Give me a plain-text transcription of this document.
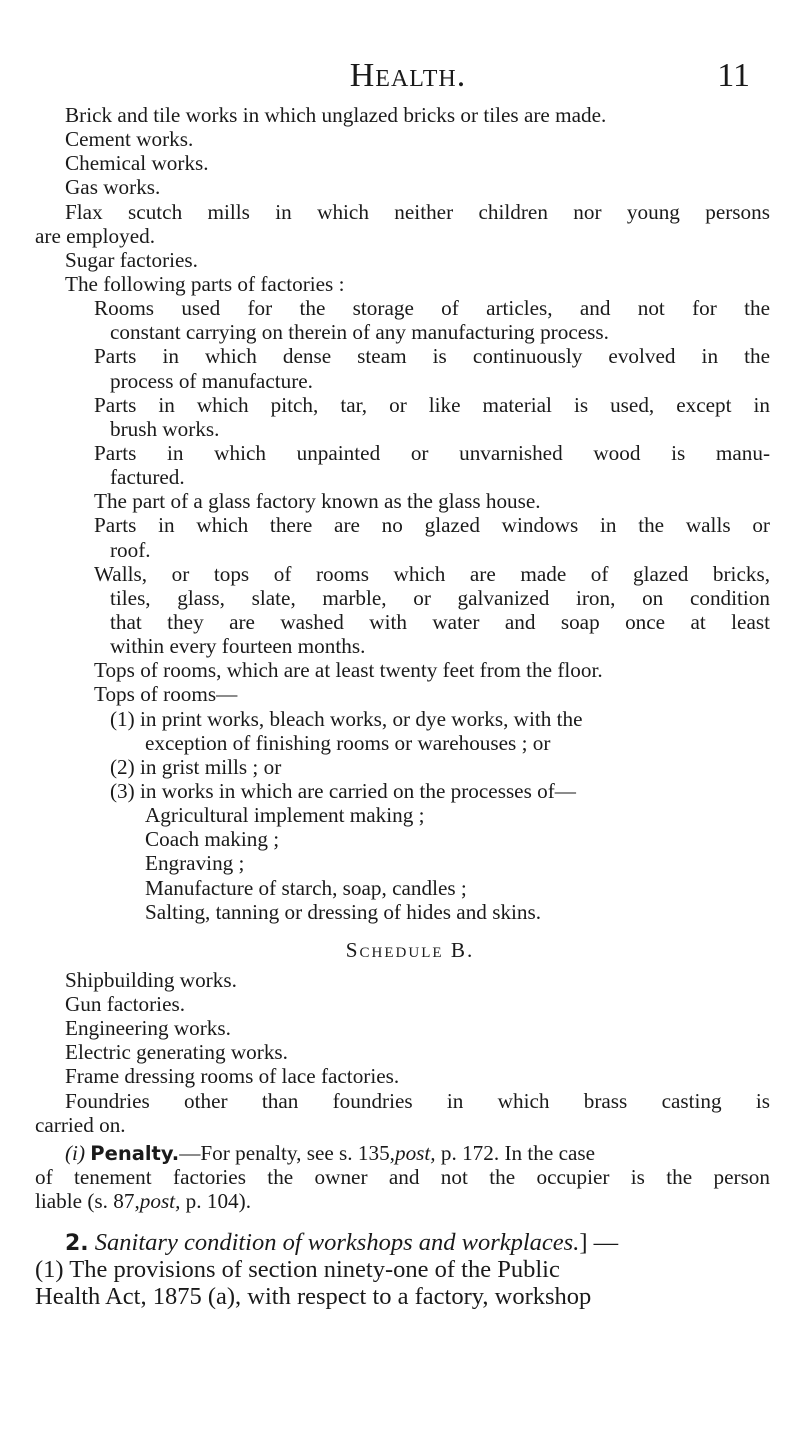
Health.	11
Brick and tile works in which unglazed bricks or tiles are made.
Cement works.
Chemical works.
Gas works.
Flax scutch mills in which neither children nor young persons
are employed.
Sugar factories.
The following parts of factories :
Rooms used for the storage of articles, and not for the
constant carrying on therein of any manufacturing process.
Parts in which dense steam is continuously evolved in the
process of manufacture.
Parts in which pitch, tar, or like material is used, except in
brush works.
Parts in which unpainted or unvarnished wood is manu-
factured.
The part of a glass factory known as the glass house.
Parts in which there are no glazed windows in the walls or
roof.
Walls, or tops of rooms which are made of glazed bricks,
tiles, glass, slate, marble, or galvanized iron, on condition
that they are washed with water and soap once at least
within every fourteen months.
Tops of rooms, which are at least twenty feet from the floor.
Tops of rooms—
(1) in print works, bleach works, or dye works, with the
exception of finishing rooms or warehouses ; or
(2) in grist mills ; or
(3) in works in which are carried on the processes of—
Agricultural implement making ;
Coach making ;
Engraving ;
Manufacture of starch, soap, candles ;
Salting, tanning or dressing of hides and skins.
Schedule B.
Shipbuilding works.
Gun factories.
Engineering works.
Electric generating works.
Frame dressing rooms of lace factories.
Foundries other than foundries in which brass casting is
carried on.
(i) Penalty.—For penalty, see s. 135,post, p. 172. In the case
of tenement factories the owner and not the occupier is the person
liable (s. 87,post, p. 104).
2. Sanitary condition of workshops and workplaces.] —
(1) The provisions of section ninety-one of the Public
Health Act, 1875 (a), with respect to a factory, workshop
